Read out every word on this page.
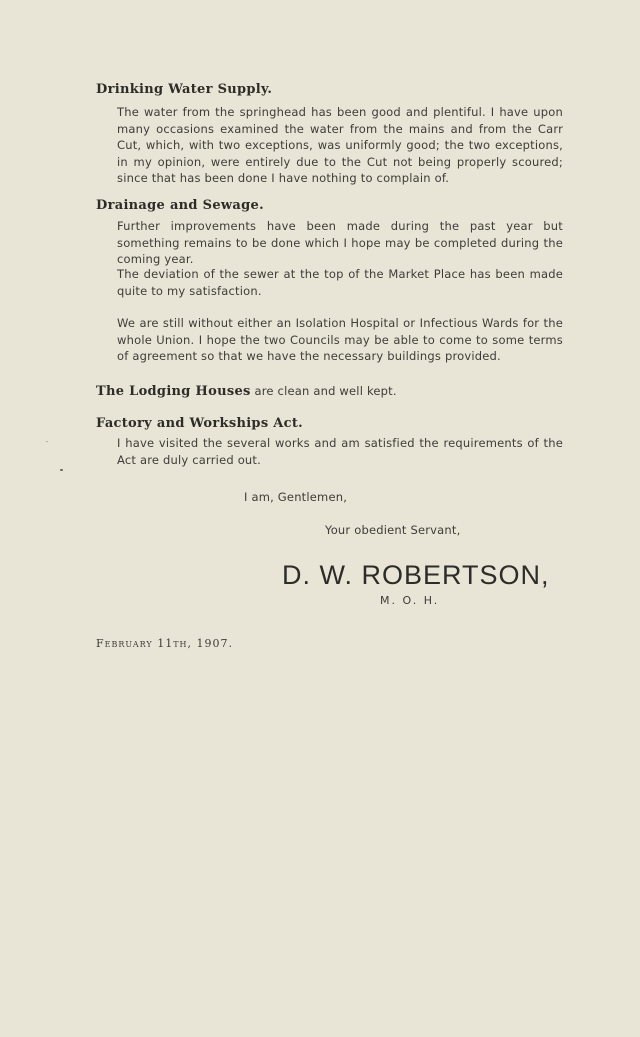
Drinking Water Supply.
The water from the springhead has been good and plentiful. I have upon many occasions examined the water from the mains and from the Carr Cut, which, with two exceptions, was uniformly good; the two exceptions, in my opinion, were entirely due to the Cut not being properly scoured; since that has been done I have nothing to complain of.
Drainage and Sewage.
Further improvements have been made during the past year but something remains to be done which I hope may be completed during the coming year.
The deviation of the sewer at the top of the Market Place has been made quite to my satisfaction.
We are still without either an Isolation Hospital or Infectious Wards for the whole Union. I hope the two Councils may be able to come to some terms of agreement so that we have the necessary buildings provided.
The Lodging Houses are clean and well kept.
Factory and Workships Act.
I have visited the several works and am satisfied the requirements of the Act are duly carried out.
I am, Gentlemen,
Your obedient Servant,
D. W. ROBERTSON,
M. O. H.
February 11th, 1907.
